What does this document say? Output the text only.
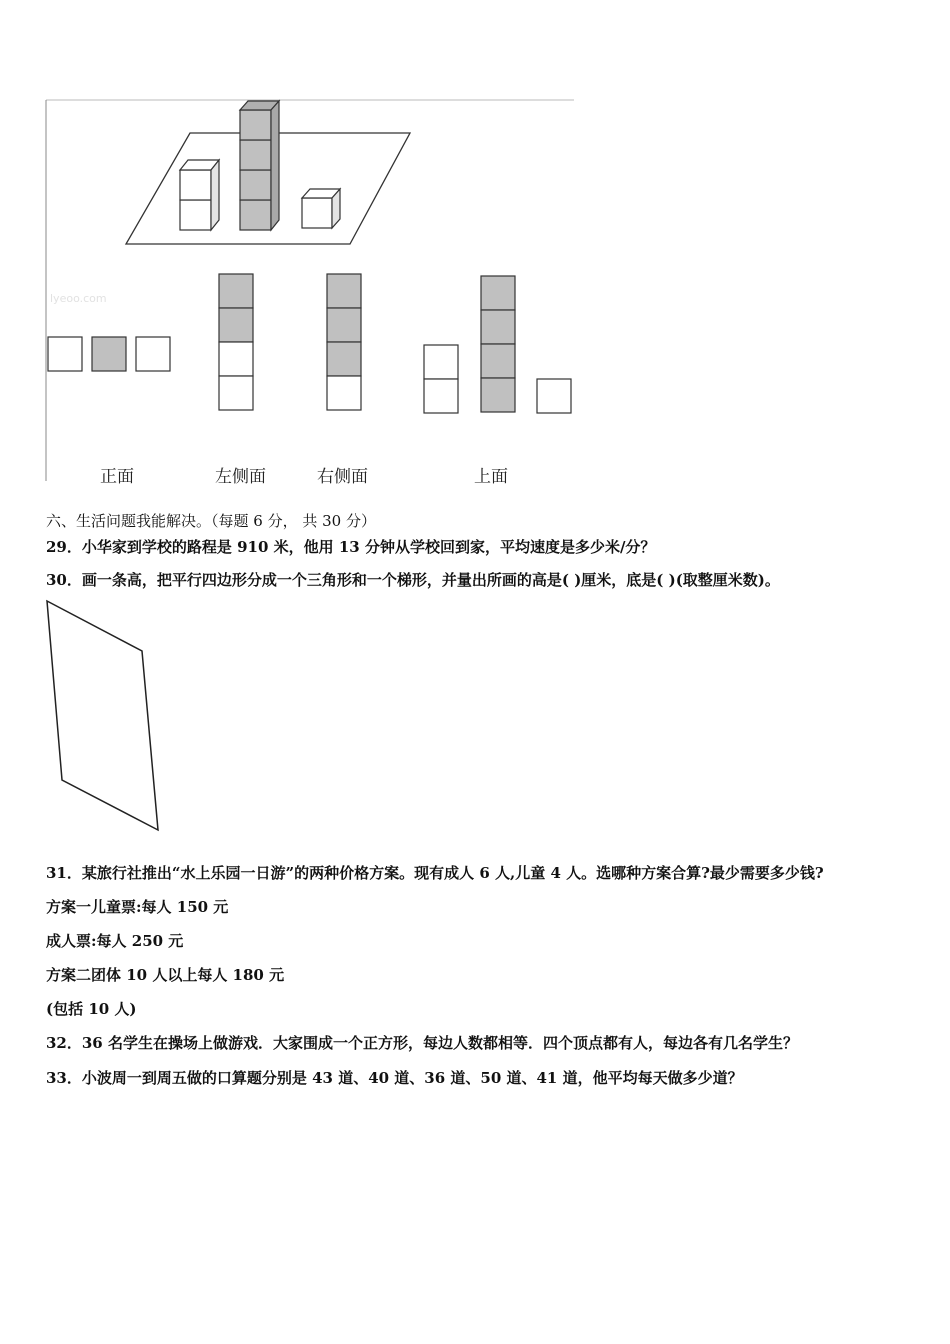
lyeoo.com
正面	左侧面	右侧面	上面
六、生活问题我能解决。（每题 6 分， 共 30 分）
29．小华家到学校的路程是 910 米，他用 13 分钟从学校回到家，平均速度是多少米/分？
30．画一条高，把平行四边形分成一个三角形和一个梯形，并量出所画的高是( )厘米，底是( )(取整厘米数)。
31．某旅行社推出“水上乐园一日游”的两种价格方案。现有成人 6 人,儿童 4 人。选哪种方案合算?最少需要多少钱?
方案一儿童票:每人 150 元
成人票:每人 250 元
方案二团体 10 人以上每人 180 元
(包括 10 人)
32．36 名学生在操场上做游戏．大家围成一个正方形，每边人数都相等．四个顶点都有人，每边各有几名学生？
33．小波周一到周五做的口算题分别是 43 道、40 道、36 道、50 道、41 道，他平均每天做多少道？
